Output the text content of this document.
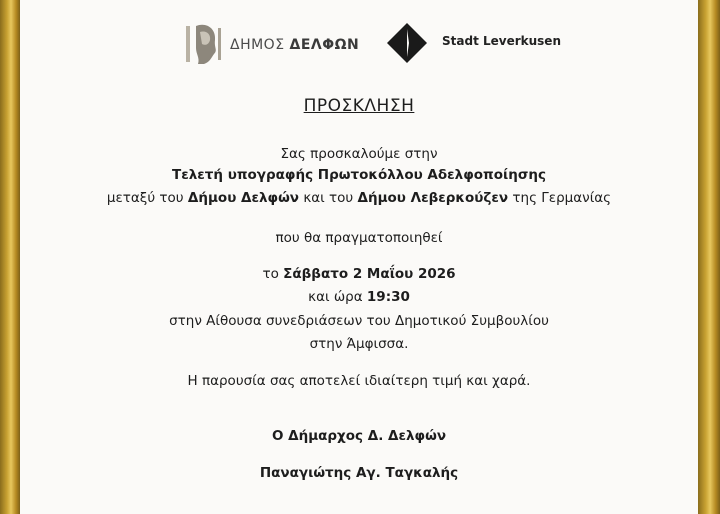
ΔΗΜΟΣ ΔΕΛΦΩΝ	Stadt Leverkusen
ΠΡΟΣΚΛΗΣΗ
Σας προσκαλούμε στην
Τελετή υπογραφής Πρωτοκόλλου Αδελφοποίησης
μεταξύ του Δήμου Δελφών και του Δήμου Λεβερκούζεν της Γερμανίας
που θα πραγματοποιηθεί
το Σάββατο 2 Μαΐου 2026
και ώρα 19:30
στην Αίθουσα συνεδριάσεων του Δημοτικού Συμβουλίου
στην Άμφισσα.
Η παρουσία σας αποτελεί ιδιαίτερη τιμή και χαρά.
Ο Δήμαρχος Δ. Δελφών
Παναγιώτης Αγ. Ταγκαλής
